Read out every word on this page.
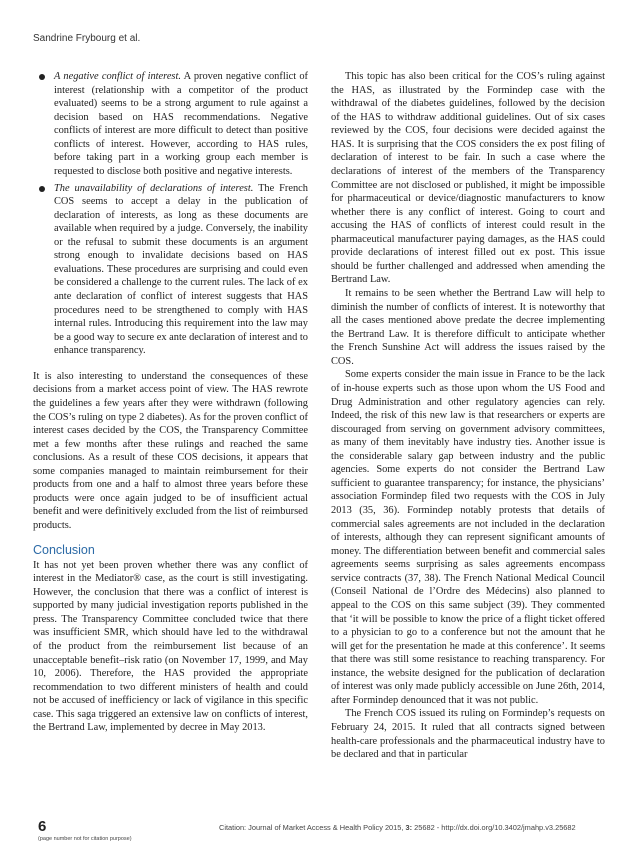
Sandrine Frybourg et al.
A negative conflict of interest. A proven negative conflict of interest (relationship with a competitor of the product evaluated) seems to be a strong argument to rule against a decision based on HAS recommendations. Negative conflicts of interest are more difficult to detect than positive conflicts of interest. However, according to HAS rules, before taking part in a working group each member is requested to disclose both positive and negative interests.
The unavailability of declarations of interest. The French COS seems to accept a delay in the publication of declaration of interests, as long as these documents are available when required by a judge. Conversely, the inability or the refusal to submit these documents is an argument strong enough to invalidate decisions based on HAS evaluations. These procedures are surprising and could even be considered a challenge to the current rules. The lack of ex ante declaration of conflict of interest suggests that HAS procedures need to be strengthened to comply with HAS internal rules. Introducing this requirement into the law may be a good way to secure ex ante declaration of interest and to enhance transparency.

It is also interesting to understand the consequences of these decisions from a market access point of view. The HAS rewrote the guidelines a few years after they were withdrawn (following the COS’s ruling on type 2 diabetes). As for the proven conflict of interest cases decided by the COS, the Transparency Committee met a few months after these rulings and reached the same conclusions. As a result of these COS decisions, it appears that some companies managed to maintain reimbursement for their products from one and a half to almost three years before these products were once again judged to be of insufficient actual benefit and were definitively excluded from the list of reimbursed products.

Conclusion

It has not yet been proven whether there was any conflict of interest in the Mediator® case, as the court is still investigating. However, the conclusion that there was a conflict of interest is supported by many judicial investigation reports published in the press. The Transparency Committee concluded twice that there was insufficient SMR, which should have led to the withdrawal of the product from the reimbursement list because of an unacceptable benefit–risk ratio (on November 17, 1999, and May 10, 2006). Therefore, the HAS provided the appropriate recommendation to two different ministers of health and could not be accused of inefficiency or lack of vigilance in this specific case. This saga triggered an extensive law on conflicts of interest, the Bertrand Law, implemented by decree in May 2013.

This topic has also been critical for the COS’s ruling against the HAS, as illustrated by the Formindep case with the withdrawal of the diabetes guidelines, followed by the decision of the HAS to withdraw additional guidelines. Out of six cases reviewed by the COS, four decisions were decided against the HAS. It is surprising that the COS considers the ex post filing of declaration of interest to be fair. In such a case where the declarations of interest of the members of the Transparency Committee are not disclosed or published, it might be impossible for pharmaceutical or device/diagnostic manufacturers to know whether there is any conflict of interest. Going to court and accusing the HAS of conflicts of interest could result in the pharmaceutical manufacturer paying damages, as the HAS could provide declarations of interest filled out ex post. This issue should be further challenged and addressed when amending the Bertrand Law.

It remains to be seen whether the Bertrand Law will help to diminish the number of conflicts of interest. It is noteworthy that all the cases mentioned above predate the decree implementing the Bertrand Law. It is therefore difficult to anticipate whether the French Sunshine Act will address the issues raised by the COS.

Some experts consider the main issue in France to be the lack of in-house experts such as those upon whom the US Food and Drug Administration and other regulatory agencies can rely. Indeed, the risk of this new law is that researchers or experts are discouraged from serving on government advisory committees, as many of them inevitably have industry ties. Another issue is the considerable salary gap between industry and the public agencies. Some experts do not consider the Bertrand Law sufficient to guarantee transparency; for instance, the physicians’ association Formindep filed two requests with the COS in July 2013 (35, 36). Formindep notably protests that details of commercial sales agreements are not included in the declaration of interests, although they can represent significant amounts of money. The differentiation between benefit and commercial sales agreements seems surprising as sales agreements encompass service contracts (37, 38). The French National Medical Council (Conseil National de l’Ordre des Médecins) also planned to appeal to the COS on this same subject (39). They commented that ‘it will be possible to know the price of a flight ticket offered to a physician to go to a conference but not the amount that he will get for the presentation he made at this conference’. It seems that there was still some resistance to reaching transparency. For instance, the website designed for the publication of declaration of interest was only made publicly accessible on June 26th, 2014, after Formindep denounced that it was not public.

The French COS issued its ruling on Formindep’s requests on February 24, 2015. It ruled that all contracts signed between health-care professionals and the pharmaceutical industry have to be declared and that in particular

6
(page number not for citation purpose)
Citation: Journal of Market Access & Health Policy 2015, 3: 25682 - http://dx.doi.org/10.3402/jmahp.v3.25682
